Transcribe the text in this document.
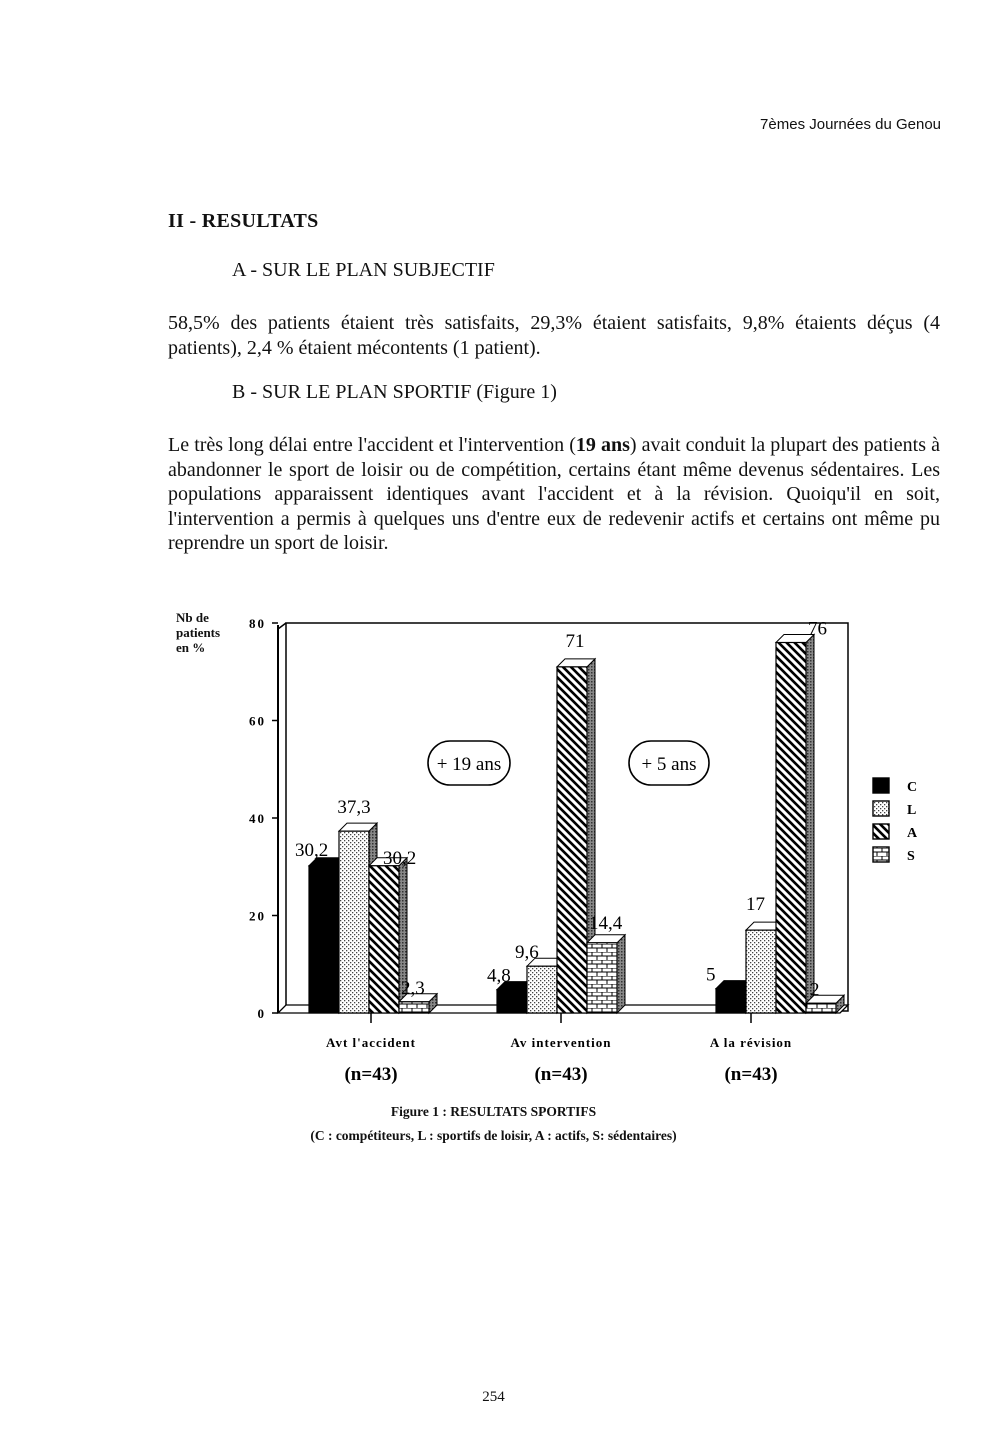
7èmes Journées du Genou
II - RESULTATS
A - SUR LE PLAN SUBJECTIF
58,5% des patients étaient très satisfaits, 29,3% étaient satisfaits, 9,8% étaients déçus (4 patients), 2,4 % étaient mécontents (1 patient).
B - SUR LE PLAN SPORTIF (Figure 1)
Le très long délai entre l'accident et l'intervention (19 ans) avait conduit la plupart des patients à abandonner le sport de loisir ou de compétition, certains étant même devenus sédentaires. Les populations apparaissent identiques avant l'accident et à la révision. Quoiqu'il en soit, l'intervention a permis à quelques uns d'entre eux de redevenir actifs et certains ont même pu reprendre un sport de loisir.
Nb de
patients
en %
0
20
40
60
80
30,2
4,8	5
37,3
9,6
17
30,2
71
76
2,3
14,4
2
+ 19 ans	+ 5 ans
Avt l'accident
(n=43)
Av intervention
(n=43)
A la révision
(n=43)
C
L
A
S
Figure 1 : RESULTATS SPORTIFS
(C : compétiteurs, L : sportifs de loisir, A : actifs, S: sédentaires)
254
